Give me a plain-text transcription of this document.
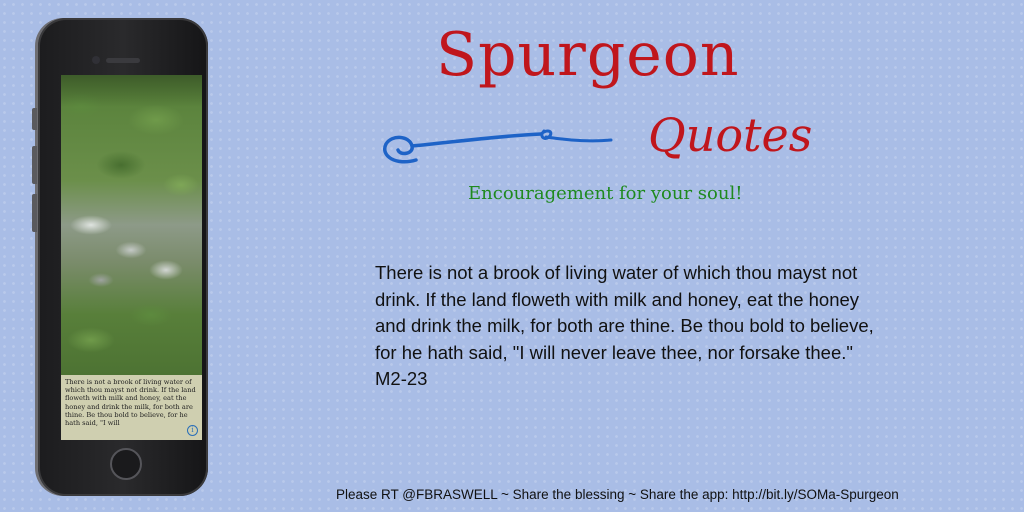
There is not a brook of living water of which thou mayst not drink. If the land floweth with milk and honey, eat the honey and drink the milk, for both are thine. Be thou bold to believe, for he hath said, "I will
i
Spurgeon
Quotes
Encouragement for your soul!
There is not a brook of living water of which thou mayst not drink. If the land floweth with milk and honey, eat the honey and drink the milk, for both are thine. Be thou bold to believe, for he hath said, "I will never leave thee, nor forsake thee." M2-23
Please RT @FBRASWELL ~ Share the blessing ~ Share the app: http://bit.ly/SOMa-Spurgeon
